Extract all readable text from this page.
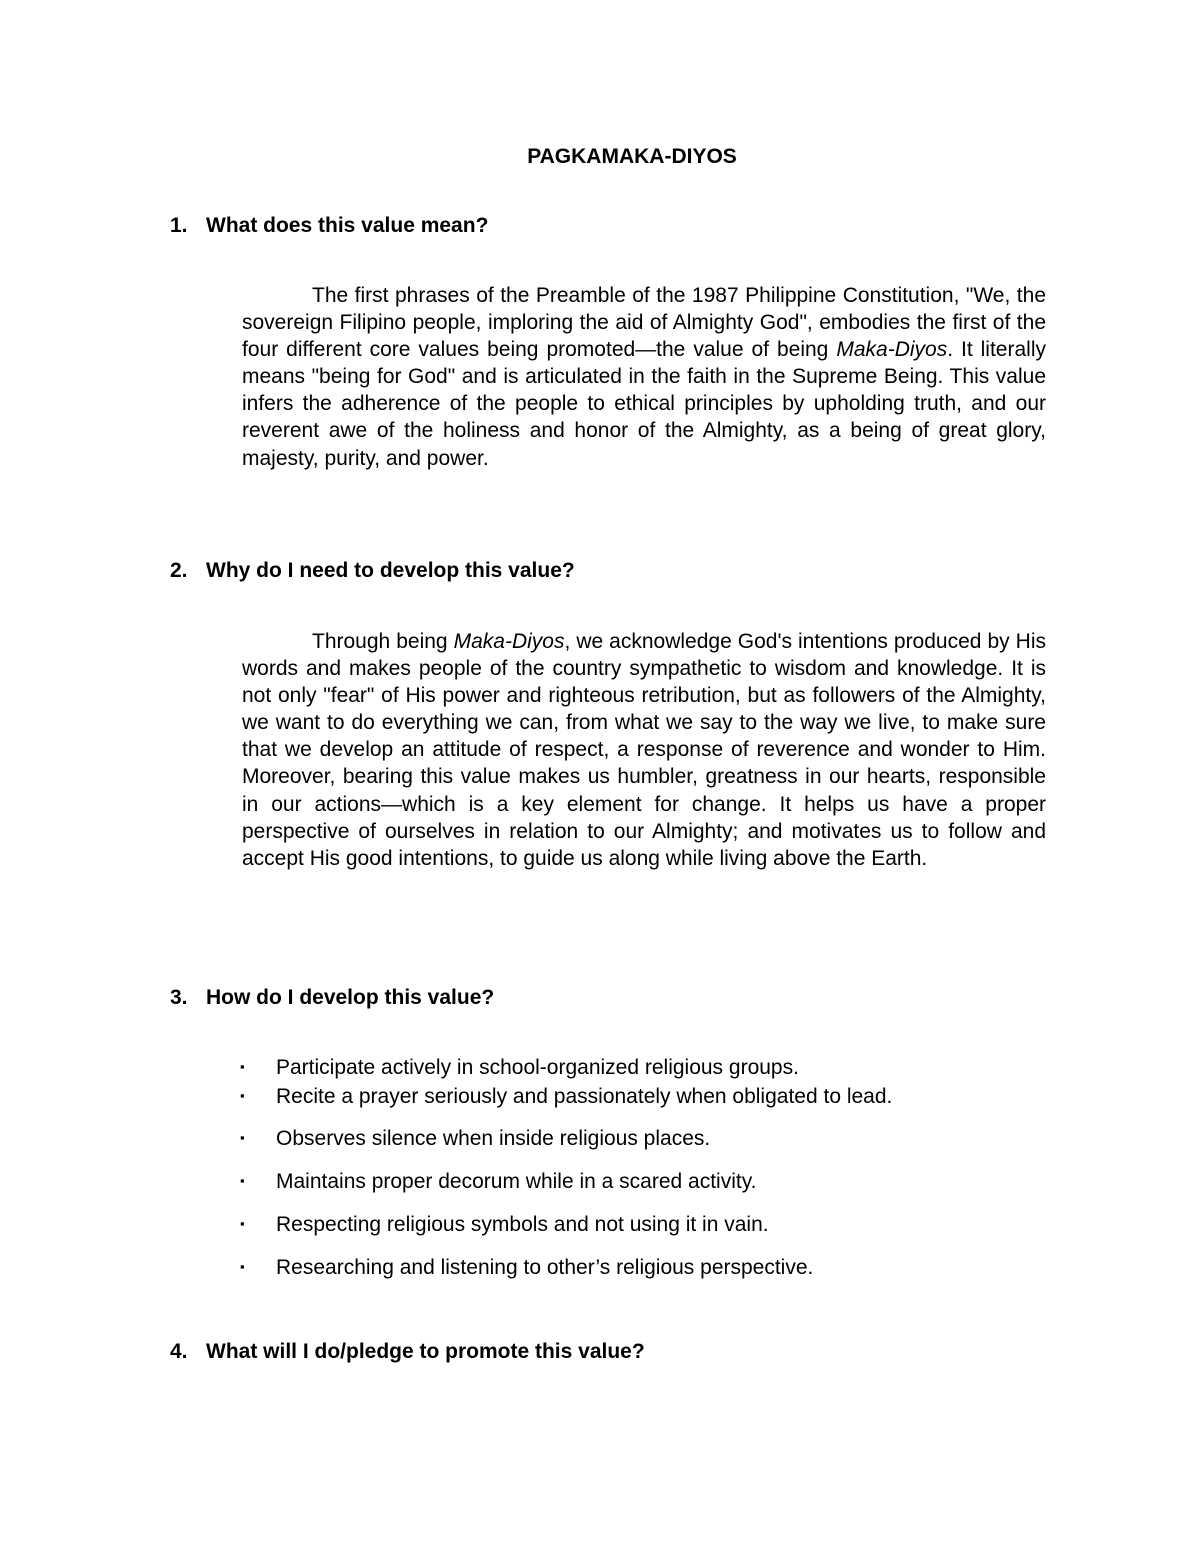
PAGKAMAKA-DIYOS
1. What does this value mean?

The first phrases of the Preamble of the 1987 Philippine Constitution, "We, the sovereign Filipino people, imploring the aid of Almighty God", embodies the first of the four different core values being promoted—the value of being Maka-Diyos. It literally means "being for God" and is articulated in the faith in the Supreme Being. This value infers the adherence of the people to ethical principles by upholding truth, and our reverent awe of the holiness and honor of the Almighty, as a being of great glory, majesty, purity, and power.

2. Why do I need to develop this value?

Through being Maka-Diyos, we acknowledge God's intentions produced by His words and makes people of the country sympathetic to wisdom and knowledge. It is not only "fear" of His power and righteous retribution, but as followers of the Almighty, we want to do everything we can, from what we say to the way we live, to make sure that we develop an attitude of respect, a response of reverence and wonder to Him. Moreover, bearing this value makes us humbler, greatness in our hearts, responsible in our actions—which is a key element for change. It helps us have a proper perspective of ourselves in relation to our Almighty; and motivates us to follow and accept His good intentions, to guide us along while living above the Earth.

3. How do I develop this value?
▪ Participate actively in school-organized religious groups.
▪ Recite a prayer seriously and passionately when obligated to lead.
▪ Observes silence when inside religious places.
▪ Maintains proper decorum while in a scared activity.
▪ Respecting religious symbols and not using it in vain.
▪ Researching and listening to other’s religious perspective.
4. What will I do/pledge to promote this value?
